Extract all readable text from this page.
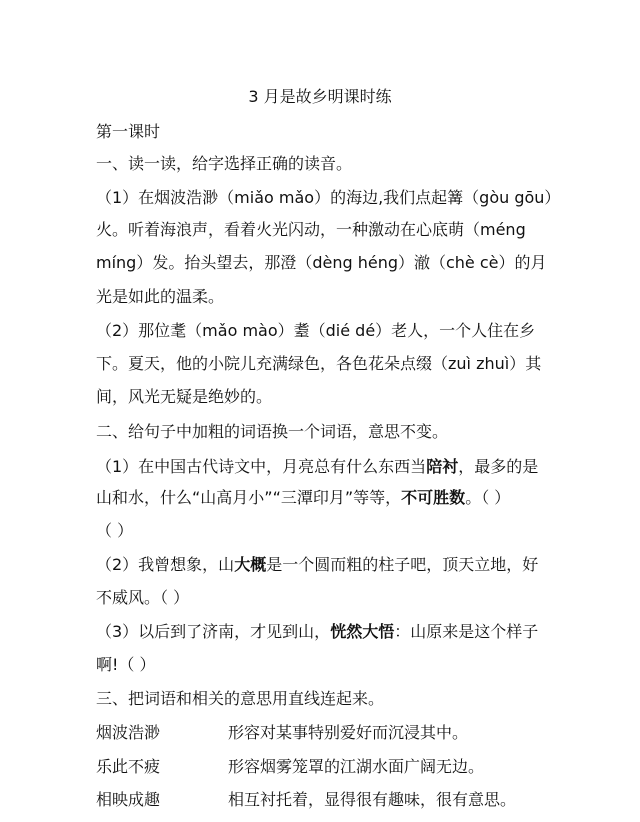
3 月是故乡明课时练
第一课时
一、读一读，给字选择正确的读音。
（1）在烟波浩渺（miǎo mǎo）的海边,我们点起篝（gòu gōu）
火。听着海浪声，看着火光闪动，一种激动在心底萌（méng
míng）发。抬头望去，那澄（dèng héng）澈（chè cè）的月
光是如此的温柔。
（2）那位耄（mǎo mào）耋（dié dé）老人，一个人住在乡
下。夏天，他的小院儿充满绿色，各色花朵点缀（zuì zhuì）其
间，风光无疑是绝妙的。
二、给句子中加粗的词语换一个词语，意思不变。
（1）在中国古代诗文中，月亮总有什么东西当陪衬，最多的是
山和水，什么“山高月小”“三潭印月”等等，不可胜数。（ ）
（ ）
（2）我曾想象，山大概是一个圆而粗的柱子吧，顶天立地，好
不威风。（ ）
（3）以后到了济南，才见到山，恍然大悟：山原来是这个样子
啊!（ ）
三、把词语和相关的意思用直线连起来。
烟波浩渺	形容对某事特别爱好而沉浸其中。
乐此不疲	形容烟雾笼罩的江湖水面广阔无边。
相映成趣	相互衬托着，显得很有趣味，很有意思。
